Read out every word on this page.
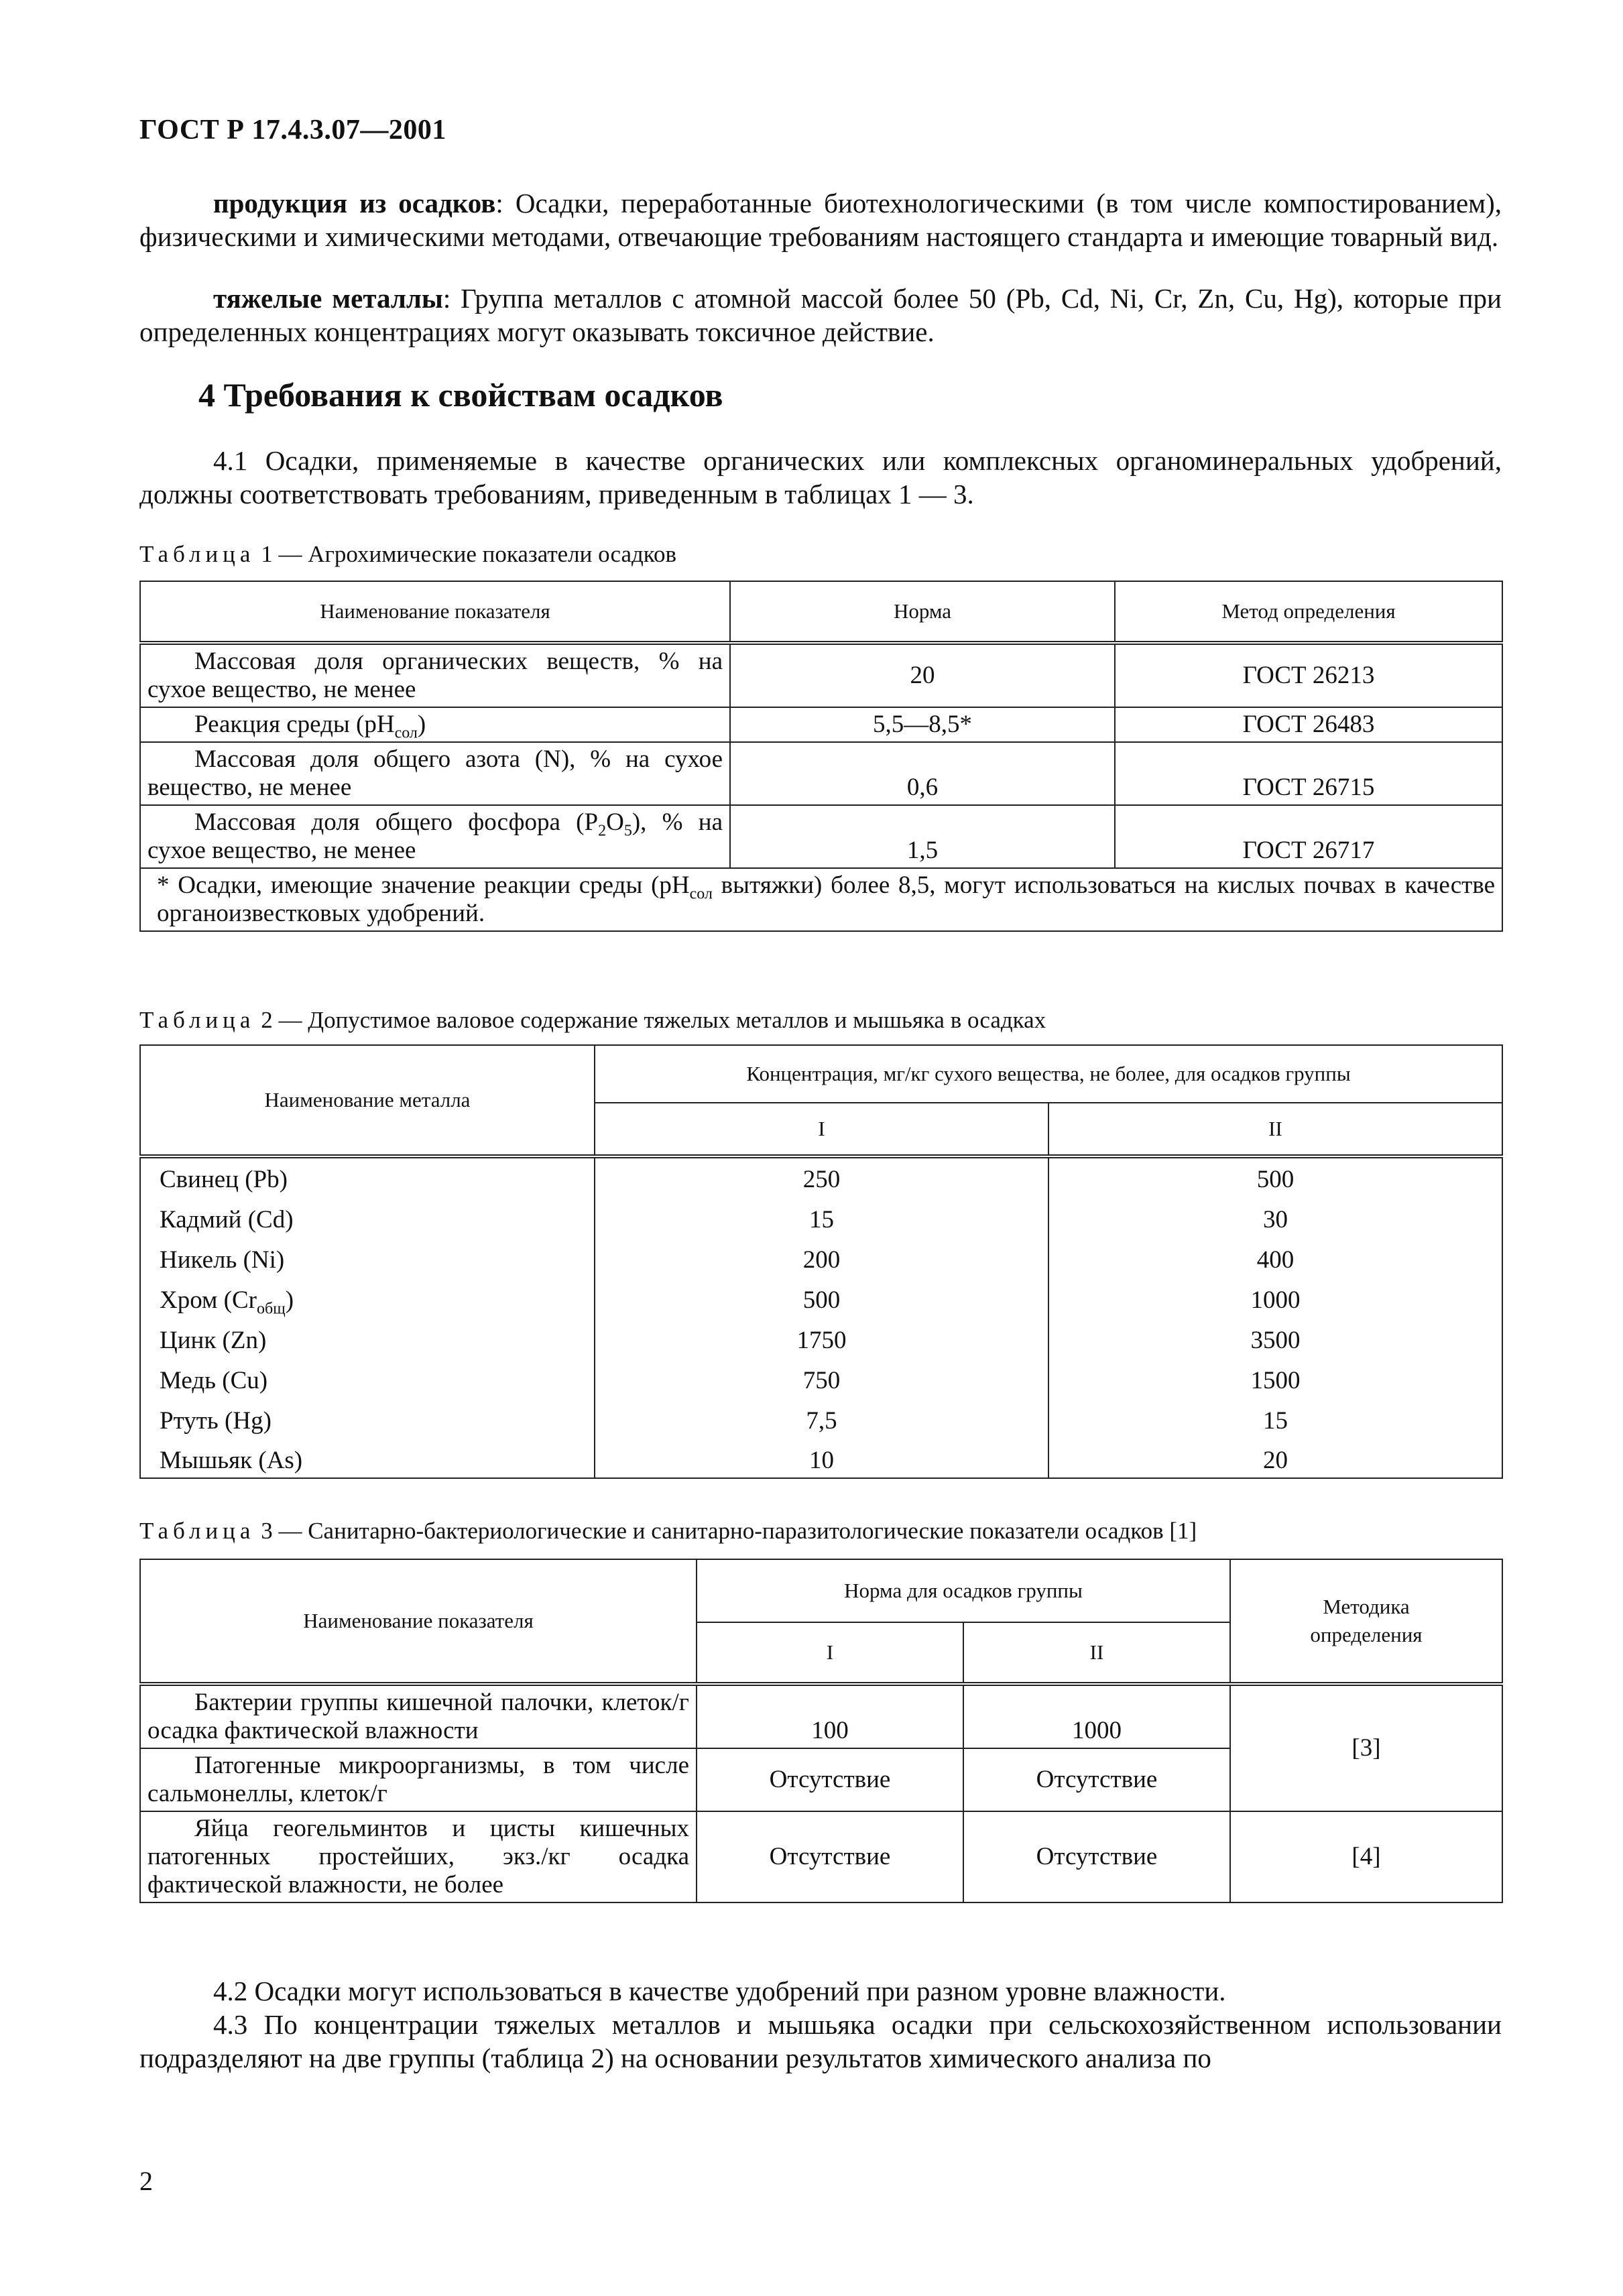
ГОСТ Р 17.4.3.07—2001

продукция из осадков: Осадки, переработанные биотехнологическими (в том числе компостированием), физическими и химическими методами, отвечающие требованиям настоящего стандарта и имеющие товарный вид.

тяжелые металлы: Группа металлов с атомной массой более 50 (Pb, Cd, Ni, Cr, Zn, Cu, Hg), которые при определенных концентрациях могут оказывать токсичное действие.

4 Требования к свойствам осадков

4.1 Осадки, применяемые в качестве органических или комплексных органоминеральных удобрений, должны соответствовать требованиям, приведенным в таблицах 1 — 3.

Таблица 1 — Агрохимические показатели осадков
Наименование показателя	Норма	Метод определения
Массовая доля органических веществ, % на сухое вещество, не менее	20	ГОСТ 26213
Реакция среды $(pH_{сол})$	5,5—8,5*	ГОСТ 26483
Массовая доля общего азота (N), % на сухое вещество, не менее	0,6	ГОСТ 26715
Массовая доля общего фосфора $(P_2O_5)$, % на сухое вещество, не менее	1,5	ГОСТ 26717
* Осадки, имеющие значение реакции среды ($pH_{сол}$ вытяжки) более 8,5, могут использоваться на кислых почвах в качестве органоизвестковых удобрений.		
Таблица 2 — Допустимое валовое содержание тяжелых металлов и мышьяка в осадках
Наименование металла	Концентрация, мг/кг сухого вещества, не более, для осадков группы	
	I	II
Свинец (Pb)	250	500
Кадмий (Cd)	15	30
Никель (Ni)	200	400
Хром $(Cr_{общ})$	500	1000
Цинк (Zn)	1750	3500
Медь (Cu)	750	1500
Ртуть (Hg)	7,5	15
Мышьяк (As)	10	20
Таблица 3 — Санитарно-бактериологические и санитарно-паразитологические показатели осадков [1]
Наименование показателя	Норма для осадков группы		Методика определения
	I	II	
Бактерии группы кишечной палочки, клеток/г осадка фактической влажности	100	1000	[3]
Патогенные микроорганизмы, в том числе сальмонеллы, клеток/г	Отсутствие	Отсутствие	
Яйца геогельминтов и цисты кишечных патогенных простейших, экз./кг осадка фактической влажности, не более	Отсутствие	Отсутствие	[4]

4.2 Осадки могут использоваться в качестве удобрений при разном уровне влажности.

4.3 По концентрации тяжелых металлов и мышьяка осадки при сельскохозяйственном использовании подразделяют на две группы (таблица 2) на основании результатов химического анализа по

2
